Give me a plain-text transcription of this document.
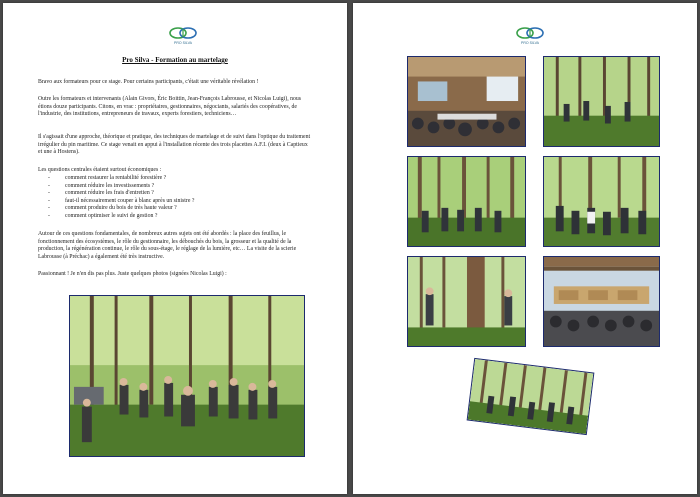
PRO SILVA
Pro Silva - Formation au martelage

Bravo aux formateurs pour ce stage. Pour certains participants, c'était une véritable révélation !

Outre les formateurs et intervenants (Alain Givors, Éric Boittin, Jean-François Labrousse, et Nicolas Luigi), nous étions douze participants. Citons, en vrac : propriétaires, gestionnaires, négociants, salariés des coopératives, de l'industrie, des institutions, entrepreneurs de travaux, experts forestiers, techniciens…

Il s'agissait d'une approche, théorique et pratique, des techniques de martelage et de suivi dans l'optique du traitement irrégulier du pin maritime. Ce stage venait en appui à l'installation récente des trois placettes A.F.I. (deux à Captieux et une à Hostens).

Les questions centrales étaient surtout économiques :

- comment restaurer la rentabilité forestière ?
- comment réduire les investissements ?
- comment réduire les frais d'entretien ?
- faut-il nécessairement couper à blanc après un sinistre ?
- comment produire du bois de très haute valeur ?
- comment optimiser le suivi de gestion ?

Autour de ces questions fondamentales, de nombreux autres sujets ont été abordés : la place des feuillus, le fonctionnement des écosystèmes, le rôle du gestionnaire, les débouchés du bois, la grosseur et la qualité de la production, la régénération continue, le rôle du sous-étage, le réglage de la lumière, etc… La visite de la scierie Labrousse (à Préchac) a également été très instructive.

Passionnant ! Je n'en dis pas plus. Juste quelques photos (signées Nicolas Luigi) :

PRO SILVA
